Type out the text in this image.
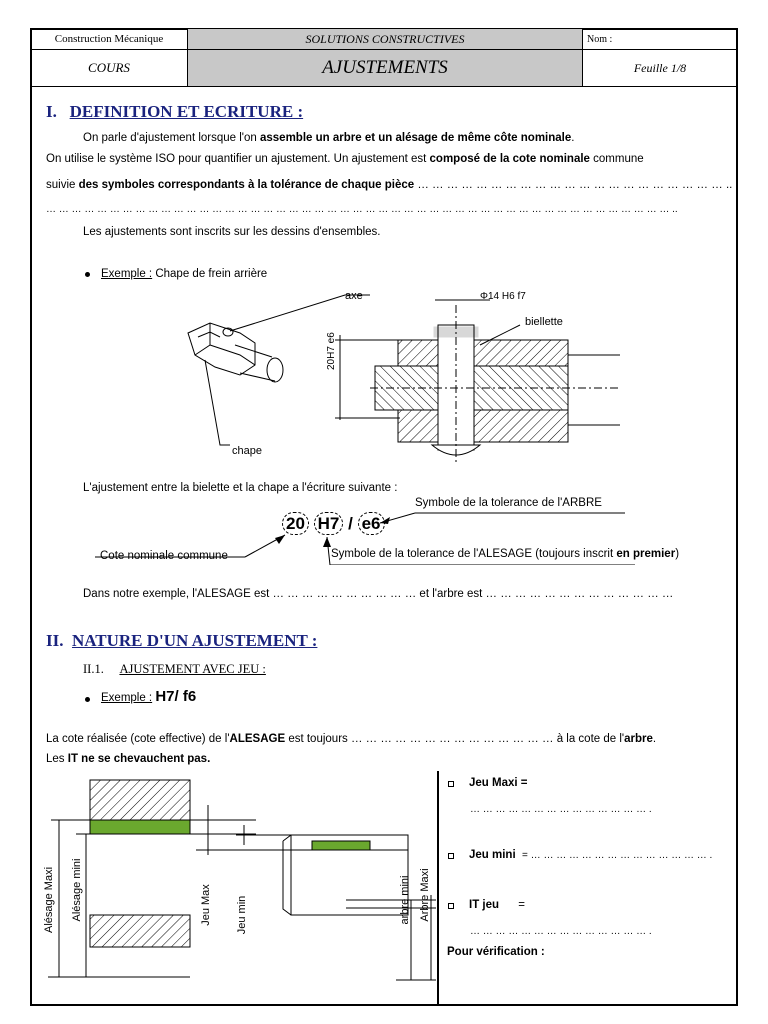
Construction Mécanique	SOLUTIONS CONSTRUCTIVES	Nom :
COURS	AJUSTEMENTS	Feuille 1/8
I. DEFINITION ET ECRITURE :
On parle d'ajustement lorsque l'on assemble un arbre et un alésage de même côte nominale.
On utilise le système ISO pour quantifier un ajustement. Un ajustement est composé de la cote nominale commune
suivie des symboles correspondants à la tolérance de chaque pièce … … … … … … … … … … … … … … … … … … … … … ..
… … … … … … … … … … … … … … … … … … … … … … … … … … … … … … … … … … … … … … … … … … … … … … … … … ..
Les ajustements sont inscrits sur les dessins d'ensembles.
Exemple : Chape de frein arrière
axe
chape
Φ14 H6 f7
biellette
20H7 e6
L'ajustement entre la bielette et la chape a l'écriture suivante :
Symbole de la tolerance de l'ARBRE
20 H7 / e6
Cote nominale commune	Symbole de la tolerance de l'ALESAGE (toujours inscrit en premier)
Dans notre exemple, l'ALESAGE est … … … … … … … … … … et l'arbre est … … … … … … … … … … … … …
II. NATURE D'UN AJUSTEMENT :
II.1. AJUSTEMENT AVEC JEU :
Exemple : H7/ f6
La cote réalisée (cote effective) de l'ALESAGE est toujours … … … … … … … … … … … … … … à la cote de l'arbre.
Les IT ne se chevauchent pas.
Alésage Maxi Alésage mini	Jeu Max Jeu min	arbre mini Arbre Maxi
Jeu Maxi =
… … … … … … … … … … … … … … .
Jeu mini = … … … … … … … … … … … … … … .
IT jeu =
… … … … … … … … … … … … … … .
Pour vérification :
